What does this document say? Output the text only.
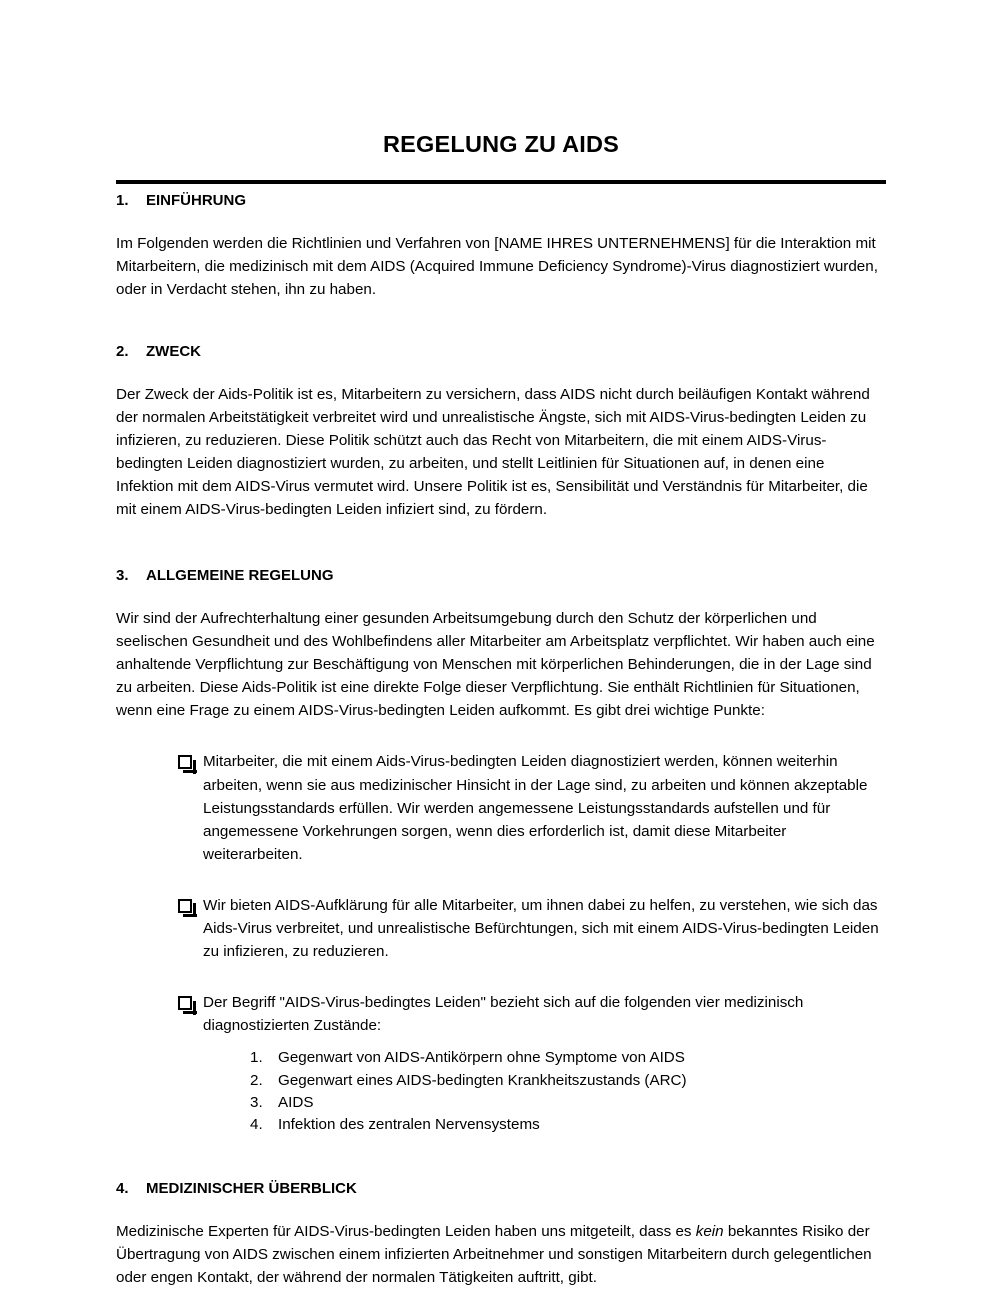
REGELUNG ZU AIDS
1.	EINFÜHRUNG

Im Folgenden werden die Richtlinien und Verfahren von [NAME IHRES UNTERNEHMENS] für die Interaktion mit Mitarbeitern, die medizinisch mit dem AIDS (Acquired Immune Deficiency Syndrome)-Virus diagnostiziert wurden, oder in Verdacht stehen, ihn zu haben.

2.	ZWECK

Der Zweck der Aids-Politik ist es, Mitarbeitern zu versichern, dass AIDS nicht durch beiläufigen Kontakt während der normalen Arbeitstätigkeit verbreitet wird und unrealistische Ängste, sich mit AIDS-Virus-bedingten Leiden zu infizieren, zu reduzieren. Diese Politik schützt auch das Recht von Mitarbeitern, die mit einem AIDS-Virus-bedingten Leiden diagnostiziert wurden, zu arbeiten, und stellt Leitlinien für Situationen auf, in denen eine Infektion mit dem AIDS-Virus vermutet wird. Unsere Politik ist es, Sensibilität und Verständnis für Mitarbeiter, die mit einem AIDS-Virus-bedingten Leiden infiziert sind, zu fördern.

3.	ALLGEMEINE REGELUNG

Wir sind der Aufrechterhaltung einer gesunden Arbeitsumgebung durch den Schutz der körperlichen und seelischen Gesundheit und des Wohlbefindens aller Mitarbeiter am Arbeitsplatz verpflichtet. Wir haben auch eine anhaltende Verpflichtung zur Beschäftigung von Menschen mit körperlichen Behinderungen, die in der Lage sind zu arbeiten. Diese Aids-Politik ist eine direkte Folge dieser Verpflichtung. Sie enthält Richtlinien für Situationen, wenn eine Frage zu einem AIDS-Virus-bedingten Leiden aufkommt. Es gibt drei wichtige Punkte:

Mitarbeiter, die mit einem Aids-Virus-bedingten Leiden diagnostiziert werden, können weiterhin arbeiten, wenn sie aus medizinischer Hinsicht in der Lage sind, zu arbeiten und können akzeptable Leistungsstandards erfüllen. Wir werden angemessene Leistungsstandards aufstellen und für angemessene Vorkehrungen sorgen, wenn dies erforderlich ist, damit diese Mitarbeiter weiterarbeiten.
Wir bieten AIDS-Aufklärung für alle Mitarbeiter, um ihnen dabei zu helfen, zu verstehen, wie sich das Aids-Virus verbreitet, und unrealistische Befürchtungen, sich mit einem AIDS-Virus-bedingten Leiden zu infizieren, zu reduzieren.
Der Begriff "AIDS-Virus-bedingtes Leiden" bezieht sich auf die folgenden vier medizinisch diagnostizierten Zustände:
1.	Gegenwart von AIDS-Antikörpern ohne Symptome von AIDS
2.	Gegenwart eines AIDS-bedingten Krankheitszustands (ARC)
3.	AIDS
4.	Infektion des zentralen Nervensystems
4.	MEDIZINISCHER ÜBERBLICK

Medizinische Experten für AIDS-Virus-bedingten Leiden haben uns mitgeteilt, dass es kein bekanntes Risiko der Übertragung von AIDS zwischen einem infizierten Arbeitnehmer und sonstigen Mitarbeitern durch gelegentlichen oder engen Kontakt, der während der normalen Tätigkeiten auftritt, gibt.
